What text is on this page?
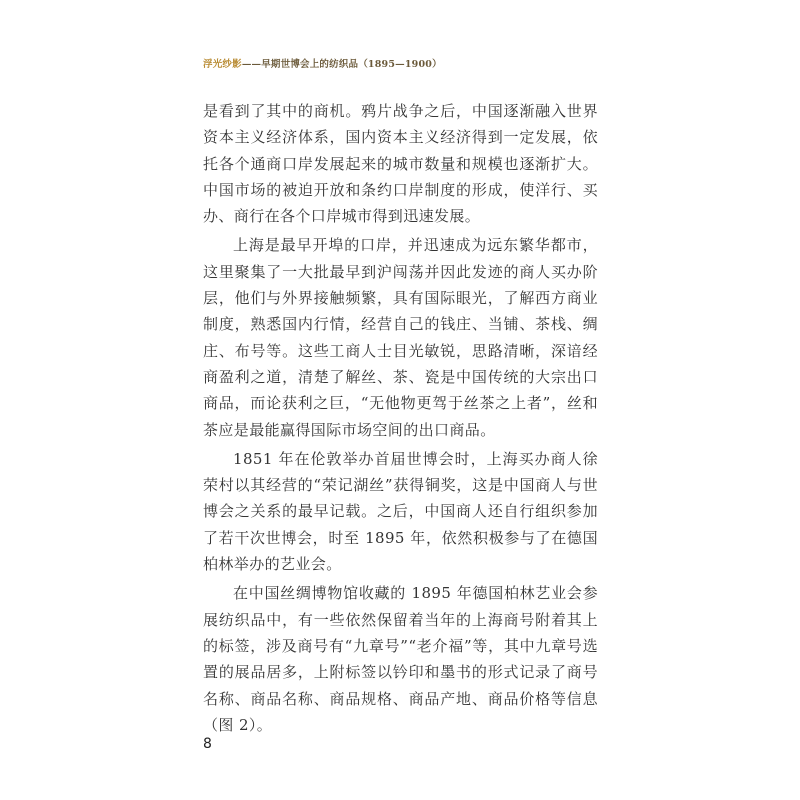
浮光纱影——早期世博会上的纺织品（1895—1900）

是看到了其中的商机。鸦片战争之后，中国逐渐融入世界资本主义经济体系，国内资本主义经济得到一定发展，依托各个通商口岸发展起来的城市数量和规模也逐渐扩大。中国市场的被迫开放和条约口岸制度的形成，使洋行、买办、商行在各个口岸城市得到迅速发展。

上海是最早开埠的口岸，并迅速成为远东繁华都市，这里聚集了一大批最早到沪闯荡并因此发迹的商人买办阶层，他们与外界接触频繁，具有国际眼光，了解西方商业制度，熟悉国内行情，经营自己的钱庄、当铺、茶栈、绸庄、布号等。这些工商人士目光敏锐，思路清晰，深谙经商盈利之道，清楚了解丝、茶、瓷是中国传统的大宗出口商品，而论获利之巨，“无他物更驾于丝茶之上者”，丝和茶应是最能赢得国际市场空间的出口商品。

1851 年在伦敦举办首届世博会时，上海买办商人徐荣村以其经营的“荣记湖丝”获得铜奖，这是中国商人与世博会之关系的最早记载。之后，中国商人还自行组织参加了若干次世博会，时至 1895 年，依然积极参与了在德国柏林举办的艺业会。

在中国丝绸博物馆收藏的 1895 年德国柏林艺业会参展纺织品中，有一些依然保留着当年的上海商号附着其上的标签，涉及商号有“九章号”“老介福”等，其中九章号选置的展品居多，上附标签以钤印和墨书的形式记录了商号名称、商品名称、商品规格、商品产地、商品价格等信息（图 2）。

8
